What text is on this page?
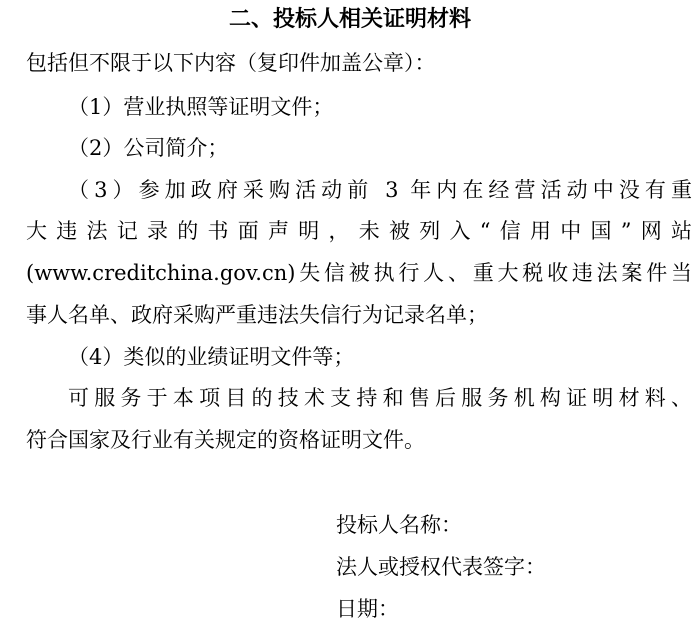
二、投标人相关证明材料
包括但不限于以下内容（复印件加盖公章）：
（1）营业执照等证明文件；
（2）公司简介；
（3）参加政府采购活动前 3 年内在经营活动中没有重
大违法记录的书面声明，未被列入“信用中国”网站
(www.creditchina.gov.cn)失信被执行人、重大税收违法案件当
事人名单、政府采购严重违法失信行为记录名单；
（4）类似的业绩证明文件等；
可服务于本项目的技术支持和售后服务机构证明材料、
符合国家及行业有关规定的资格证明文件。
投标人名称：
法人或授权代表签字：
日期：
